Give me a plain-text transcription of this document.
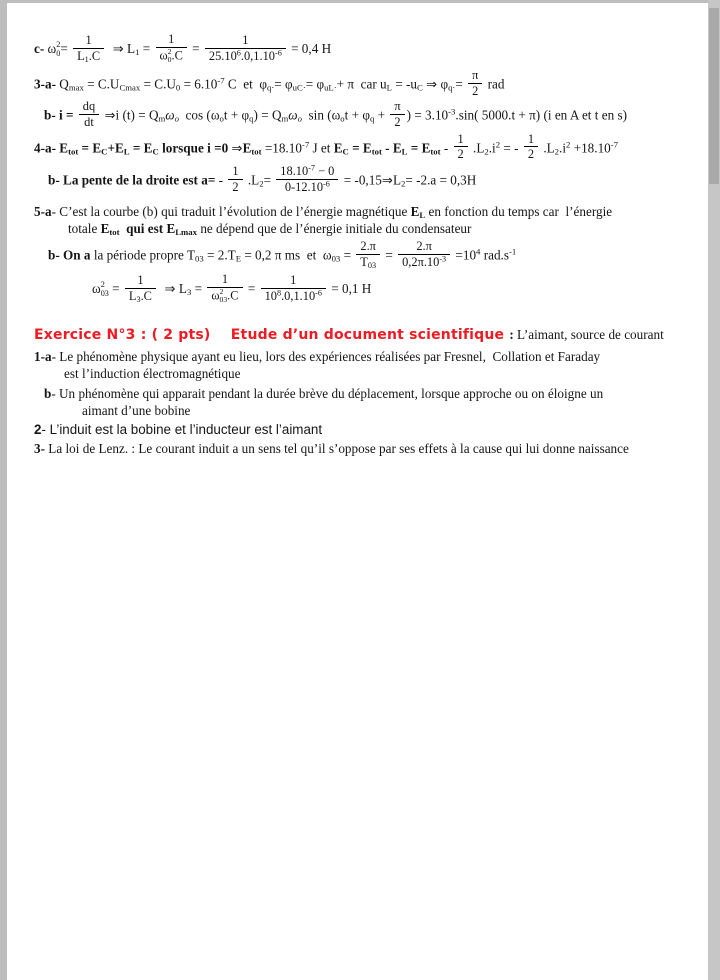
c- ω 2
$0 = \frac{1}{L_1.C}$ ⇒ $L_1 = 1$
ω 2
0 $.C = \frac{1}{25.10^6.0,1.10^{-6}} = 0,4$ H
3-a- $Q_{max} = C.U_{Cmax} = C.U_0 = 6.10^{-7}$ C  et  $\varphi_{q\cdot}= \varphi_{uC\cdot}= \varphi_{uL\cdot}+ \pi$  car $u_L = -u_C$ ⇒ $\varphi_{q\cdot}= \frac{\pi}{2}$ rad
b- $i = \frac{dq}{dt}$ ⇒i $(t) = Q_m\omega o$  $\cos (\omega_ot + \varphi_q) = Q_m\omega o$  $\sin (\omega_ot + \varphi_q + \frac{\pi}{2}$ ) = $3.10^{-3}.\sin$( 5000.t + π) (i en A et t en s)
4-a- Etot = EC+EL = EC lorsque i =0 ⇒Etot $=18.10^{-7}$ J et EC = Etot - EL = Etot - $\frac{1}{2} .L_2.i^2$ = - $\frac{1}{2} .L_2.i^2 +18.10^{-7}$
b- La pente de la droite est $a= - \frac{1}{2} .L_2= \frac{18.10^{-7} - 0}{0-12.10^{-6}}$ = $-0,15\Rightarrow L_2= -2.a = 0,3H$
5-a- C’est la courbe (b) qui traduit l’évolution de l’énergie magnétique EL en fonction du temps car  l’énergie
totale Etot  qui est ELmax ne dépend que de l’énergie initiale du condensateur
b- On a la période propre $T_{03} = 2.T_E = 0,2$ π ms  et  $\omega_{03} = \frac{2.\pi}{T_{03}} = \frac{2.\pi}{0,2\pi.10^{-3}} =10^4$ $rad.s^{-1}$
ω 2
$03 = \frac{1}{L_3.C}$ ⇒ $L_3 = 1$
ω 2
03 $.C = \frac{1}{10^8.0,1.10^{-6}} = 0,1$ H
Exercice N°3 : ( 2 pts)    Etude d’un document scientifique : L’aimant, source de courant
1-a- Le phénomène physique ayant eu lieu, lors des expériences réalisées par Fresnel,  Collation et Faraday
est l’induction électromagnétique
b- Un phénomène qui apparait pendant la durée brève du déplacement, lorsque approche ou on éloigne un
aimant d’une bobine
2- L’induit est la bobine et l’inducteur est l’aimant
3- La loi de Lenz. : Le courant induit a un sens tel qu’il s’oppose par ses effets à la cause qui lui donne naissance
